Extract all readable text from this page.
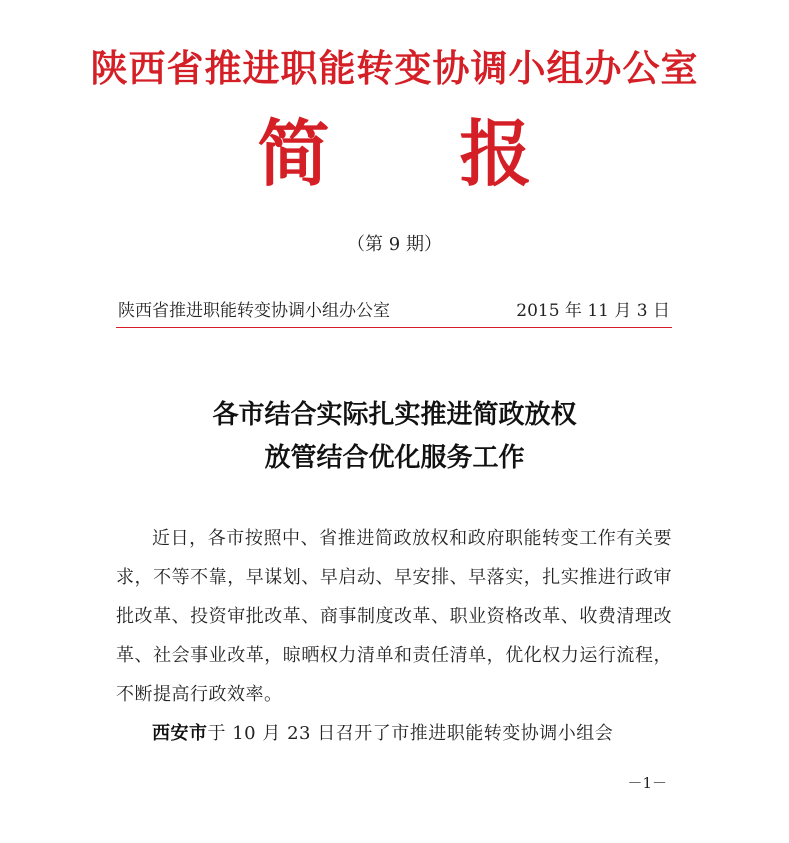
陕西省推进职能转变协调小组办公室
简报
（第 9 期）
陕西省推进职能转变协调小组办公室	2015 年 11 月 3 日
各市结合实际扎实推进简政放权
放管结合优化服务工作

近日，各市按照中、省推进简政放权和政府职能转变工作有关要求，不等不靠，早谋划、早启动、早安排、早落实，扎实推进行政审批改革、投资审批改革、商事制度改革、职业资格改革、收费清理改革、社会事业改革，晾晒权力清单和责任清单，优化权力运行流程，不断提高行政效率。

西安市于 10 月 23 日召开了市推进职能转变协调小组会

－1－
